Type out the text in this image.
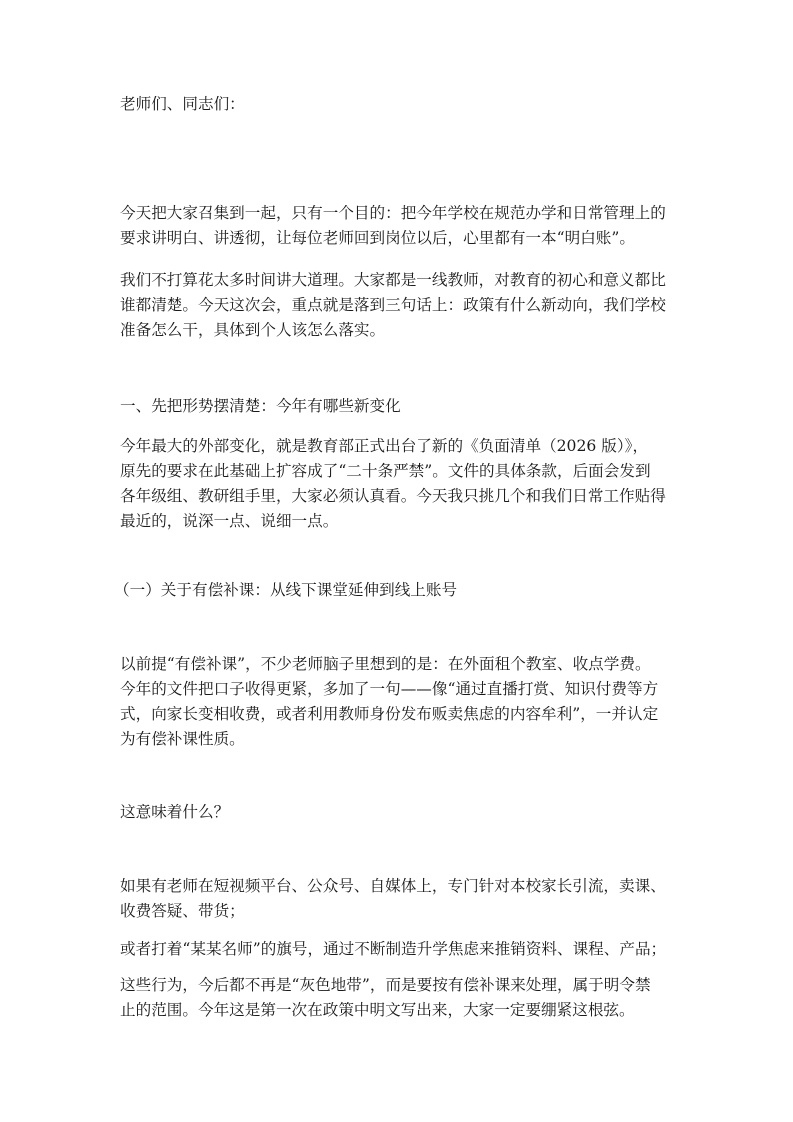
老师们、同志们：
今天把大家召集到一起，只有一个目的：把今年学校在规范办学和日常管理上的
要求讲明白、讲透彻，让每位老师回到岗位以后，心里都有一本“明白账”。
我们不打算花太多时间讲大道理。大家都是一线教师，对教育的初心和意义都比
谁都清楚。今天这次会，重点就是落到三句话上：政策有什么新动向，我们学校
准备怎么干，具体到个人该怎么落实。
一、先把形势摆清楚：今年有哪些新变化
今年最大的外部变化，就是教育部正式出台了新的《负面清单（2026 版）》，
原先的要求在此基础上扩容成了“二十条严禁”。文件的具体条款，后面会发到
各年级组、教研组手里，大家必须认真看。今天我只挑几个和我们日常工作贴得
最近的，说深一点、说细一点。
（一）关于有偿补课：从线下课堂延伸到线上账号
以前提“有偿补课”，不少老师脑子里想到的是：在外面租个教室、收点学费。
今年的文件把口子收得更紧，多加了一句——像“通过直播打赏、知识付费等方
式，向家长变相收费，或者利用教师身份发布贩卖焦虑的内容牟利”，一并认定
为有偿补课性质。
这意味着什么？
如果有老师在短视频平台、公众号、自媒体上，专门针对本校家长引流，卖课、
收费答疑、带货；
或者打着“某某名师”的旗号，通过不断制造升学焦虑来推销资料、课程、产品；
这些行为，今后都不再是“灰色地带”，而是要按有偿补课来处理，属于明令禁
止的范围。今年这是第一次在政策中明文写出来，大家一定要绷紧这根弦。
